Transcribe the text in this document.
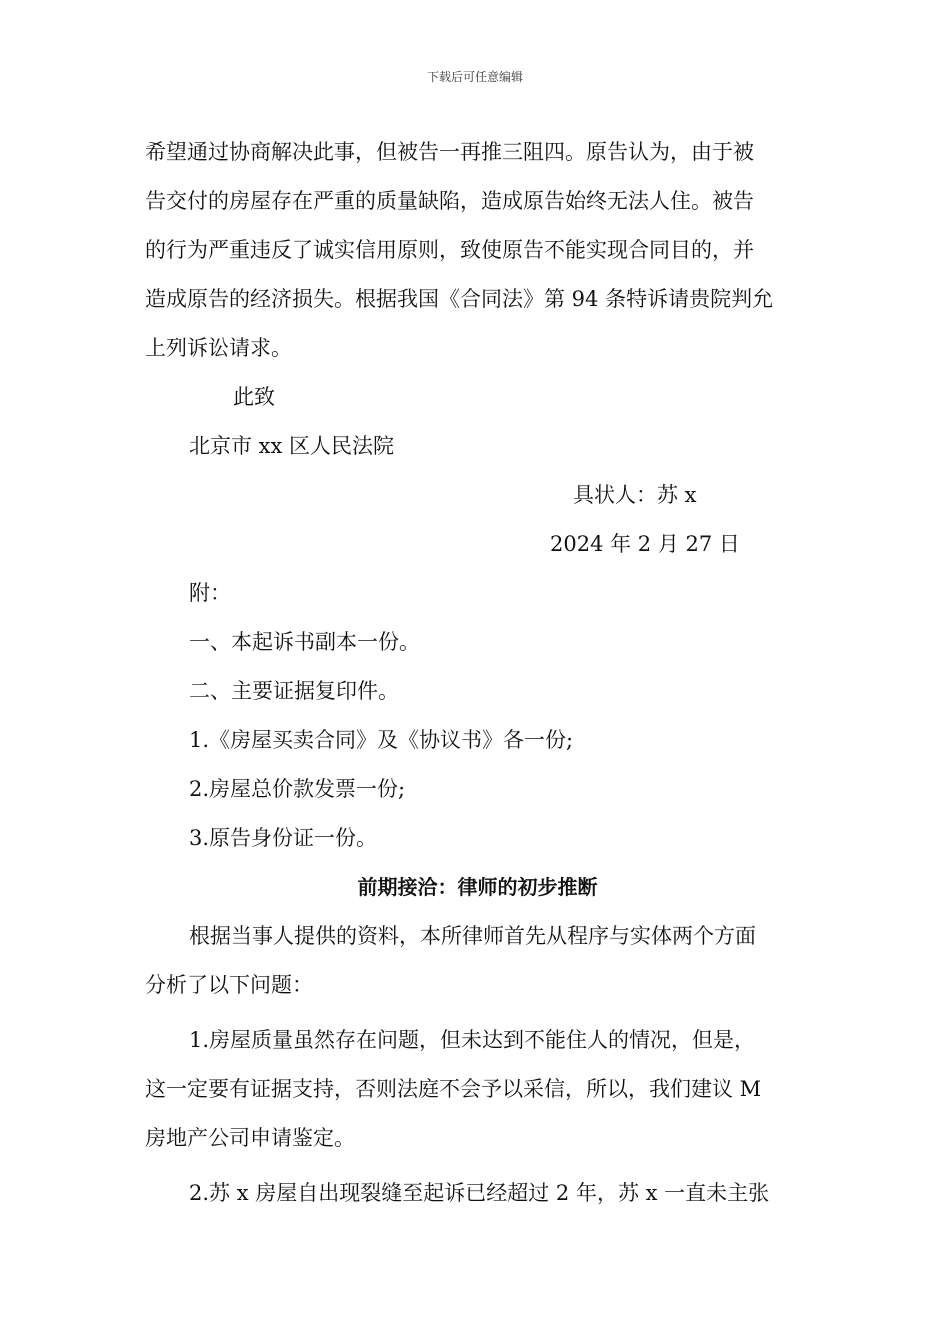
下载后可任意编辑
希望通过协商解决此事，但被告一再推三阻四。原告认为，由于被
告交付的房屋存在严重的质量缺陷，造成原告始终无法人住。被告
的行为严重违反了诚实信用原则，致使原告不能实现合同目的，并
造成原告的经济损失。根据我国《合同法》第 94 条特诉请贵院判允
上列诉讼请求。
此致
北京市 xx 区人民法院
具状人：苏 x
2024 年 2 月 27 日
附：
一、本起诉书副本一份。
二、主要证据复印件。
1.《房屋买卖合同》及《协议书》各一份;
2.房屋总价款发票一份;
3.原告身份证一份。
前期接洽：律师的初步推断
根据当事人提供的资料，本所律师首先从程序与实体两个方面
分析了以下问题：
1.房屋质量虽然存在问题，但未达到不能住人的情况，但是，
这一定要有证据支持，否则法庭不会予以采信，所以，我们建议 M
房地产公司申请鉴定。
2.苏 x 房屋自出现裂缝至起诉已经超过 2 年，苏 x 一直未主张
